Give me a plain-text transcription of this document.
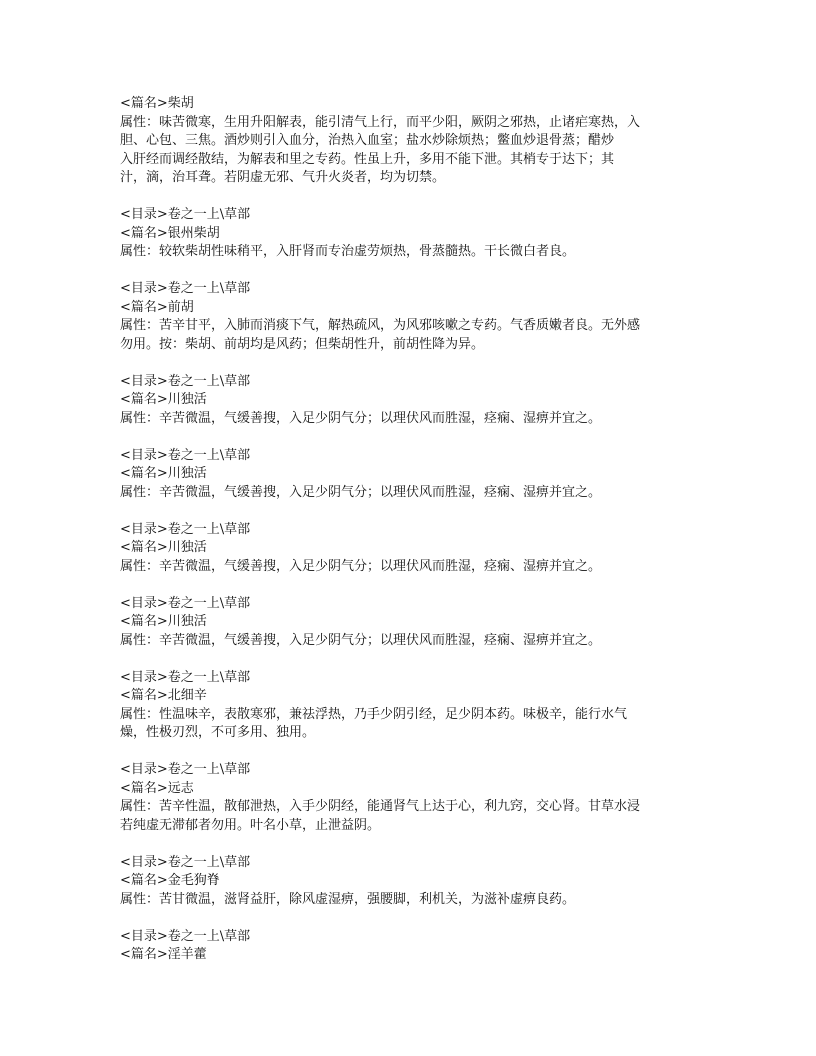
<篇名>柴胡
属性：味苦微寒，生用升阳解表，能引清气上行，而平少阳，厥阴之邪热，止诸疟寒热，入
胆、心包、三焦。酒炒则引入血分，治热入血室；盐水炒除烦热；鳖血炒退骨蒸；醋炒
入肝经而调经散结，为解表和里之专药。性虽上升，多用不能下泄。其梢专于达下；其
汁，滴，治耳聋。若阴虚无邪、气升火炎者，均为切禁。
<目录>卷之一上\草部
<篇名>银州柴胡
属性：较软柴胡性味稍平，入肝肾而专治虚劳烦热，骨蒸髓热。干长微白者良。
<目录>卷之一上\草部
<篇名>前胡
属性：苦辛甘平，入肺而消痰下气，解热疏风，为风邪咳嗽之专药。气香质嫩者良。无外感
勿用。按：柴胡、前胡均是风药；但柴胡性升，前胡性降为异。
<目录>卷之一上\草部
<篇名>川独活
属性：辛苦微温，气缓善搜，入足少阴气分；以理伏风而胜湿，痉痫、湿痹并宜之。
<目录>卷之一上\草部
<篇名>川独活
属性：辛苦微温，气缓善搜，入足少阴气分；以理伏风而胜湿，痉痫、湿痹并宜之。
<目录>卷之一上\草部
<篇名>川独活
属性：辛苦微温，气缓善搜，入足少阴气分；以理伏风而胜湿，痉痫、湿痹并宜之。
<目录>卷之一上\草部
<篇名>川独活
属性：辛苦微温，气缓善搜，入足少阴气分；以理伏风而胜湿，痉痫、湿痹并宜之。
<目录>卷之一上\草部
<篇名>北细辛
属性：性温味辛，表散寒邪，兼祛浮热，乃手少阴引经，足少阴本药。味极辛，能行水气
燥，性极刃烈，不可多用、独用。
<目录>卷之一上\草部
<篇名>远志
属性：苦辛性温，散郁泄热，入手少阴经，能通肾气上达于心，利九窍，交心肾。甘草水浸
若纯虚无滞郁者勿用。叶名小草，止泄益阴。
<目录>卷之一上\草部
<篇名>金毛狗脊
属性：苦甘微温，滋肾益肝，除风虚湿痹，强腰脚，利机关，为滋补虚痹良药。
<目录>卷之一上\草部
<篇名>淫羊藿
